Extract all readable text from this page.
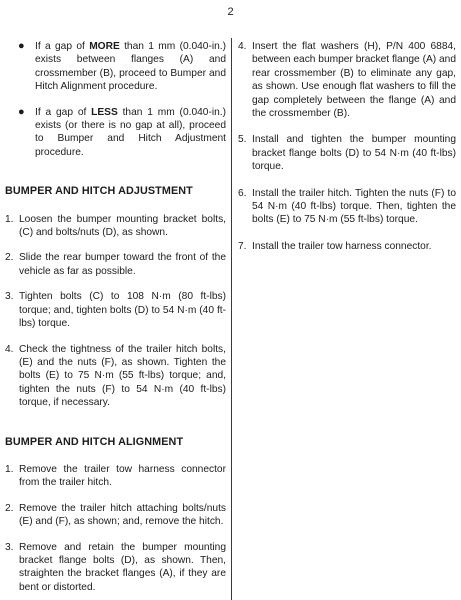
2

● If a gap of MORE than 1 mm (0.040-in.) exists between flanges (A) and crossmember (B), proceed to Bumper and Hitch Alignment procedure.

● If a gap of LESS than 1 mm (0.040-in.) exists (or there is no gap at all), proceed to Bumper and Hitch Adjustment procedure.

BUMPER AND HITCH ADJUSTMENT

1. Loosen the bumper mounting bracket bolts, (C) and bolts/nuts (D), as shown.

2. Slide the rear bumper toward the front of the vehicle as far as possible.

3. Tighten bolts (C) to 108 N·m (80 ft-lbs) torque; and, tighten bolts (D) to 54 N·m (40 ft-lbs) torque.

4. Check the tightness of the trailer hitch bolts, (E) and the nuts (F), as shown. Tighten the bolts (E) to 75 N·m (55 ft-lbs) torque; and, tighten the nuts (F) to 54 N·m (40 ft-lbs) torque, if necessary.

BUMPER AND HITCH ALIGNMENT

1. Remove the trailer tow harness connector from the trailer hitch.

2. Remove the trailer hitch attaching bolts/nuts (E) and (F), as shown; and, remove the hitch.

3. Remove and retain the bumper mounting bracket flange bolts (D), as shown. Then, straighten the bracket flanges (A), if they are bent or distorted.

4. Insert the flat washers (H), P/N 400 6884, between each bumper bracket flange (A) and rear crossmember (B) to eliminate any gap, as shown. Use enough flat washers to fill the gap completely between the flange (A) and the crossmember (B).

5. Install and tighten the bumper mounting bracket flange bolts (D) to 54 N·m (40 ft-lbs) torque.

6. Install the trailer hitch. Tighten the nuts (F) to 54 N·m (40 ft-lbs) torque. Then, tighten the bolts (E) to 75 N·m (55 ft-lbs) torque.

7. Install the trailer tow harness connector.
